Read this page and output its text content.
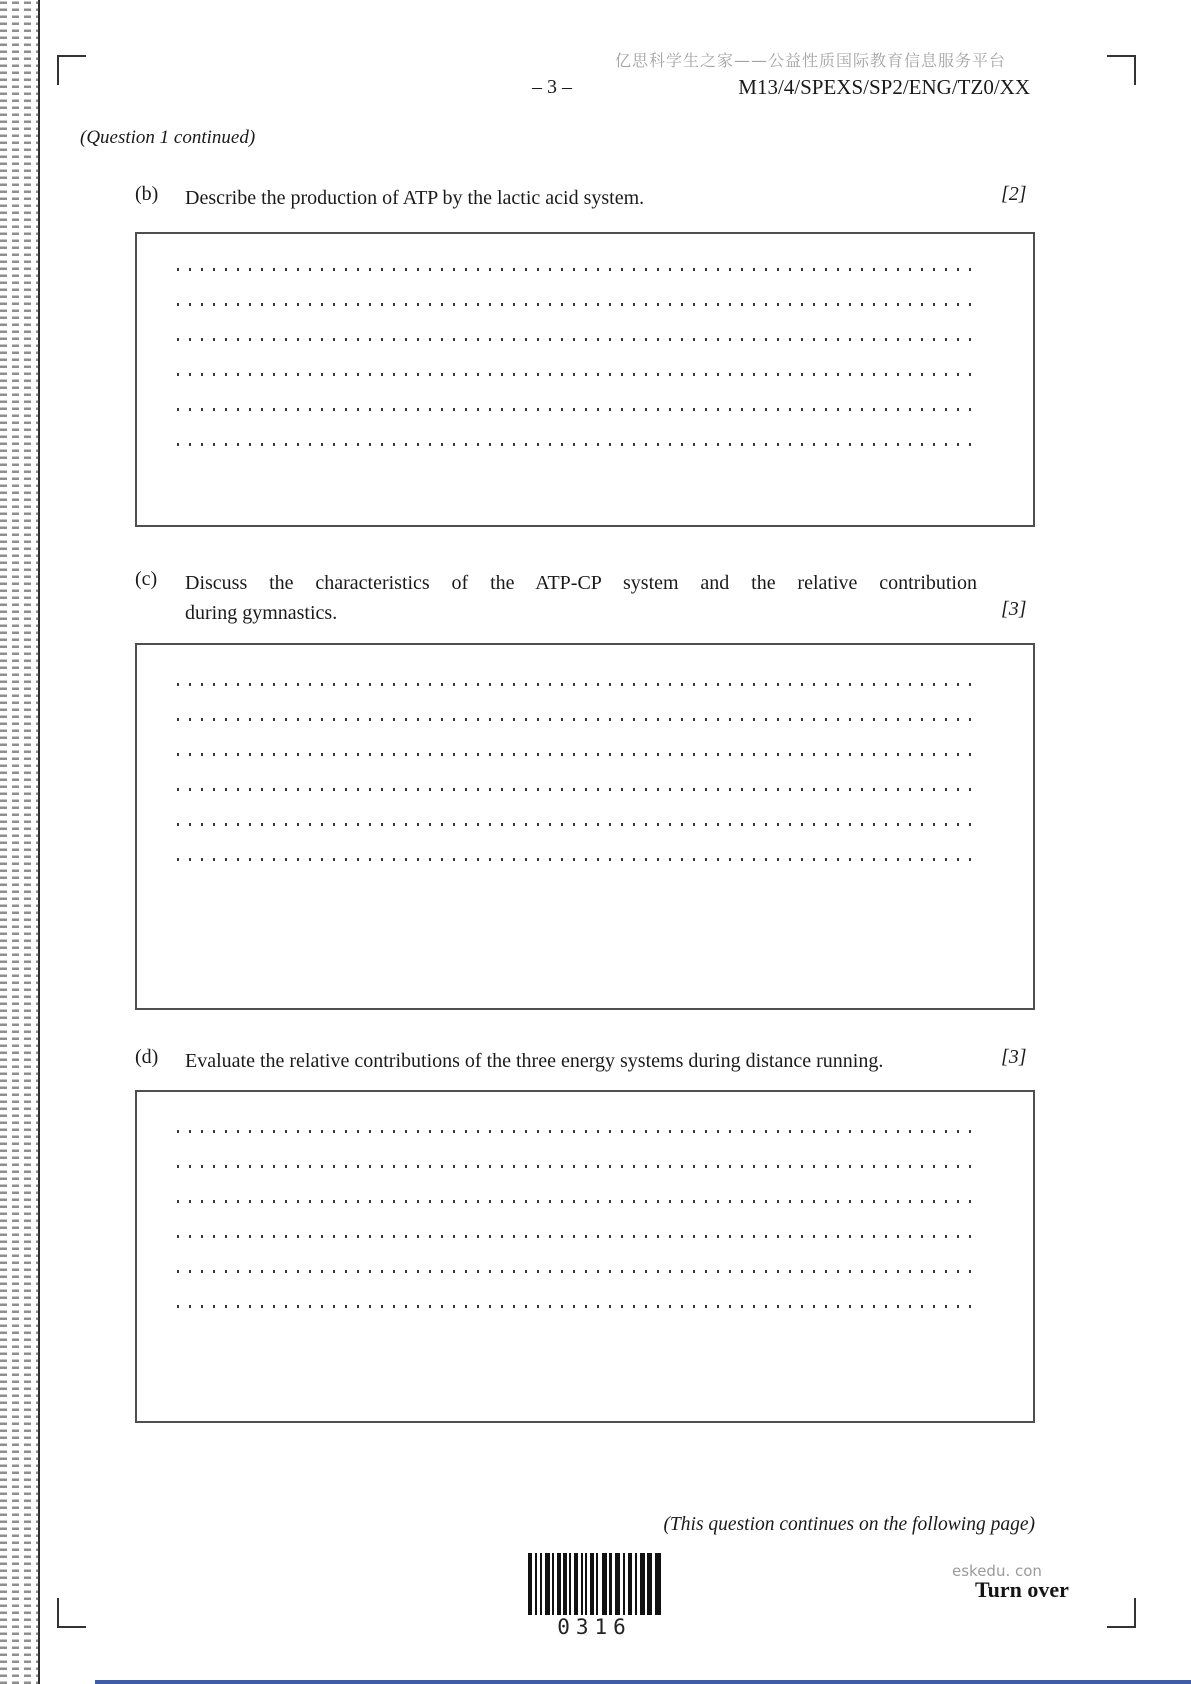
亿思科学生之家——公益性质国际教育信息服务平台
– 3 –	M13/4/SPEXS/SP2/ENG/TZ0/XX
(Question 1 continued)
(b) Describe the production of ATP by the lactic acid system.	[2]
(c) Discuss the characteristics of the ATP-CP system and the relative contribution
during gymnastics.	[3]
(d) Evaluate the relative contributions of the three energy systems during distance running.	[3]
(This question continues on the following page)
0316
eskedu. con
Turn over
